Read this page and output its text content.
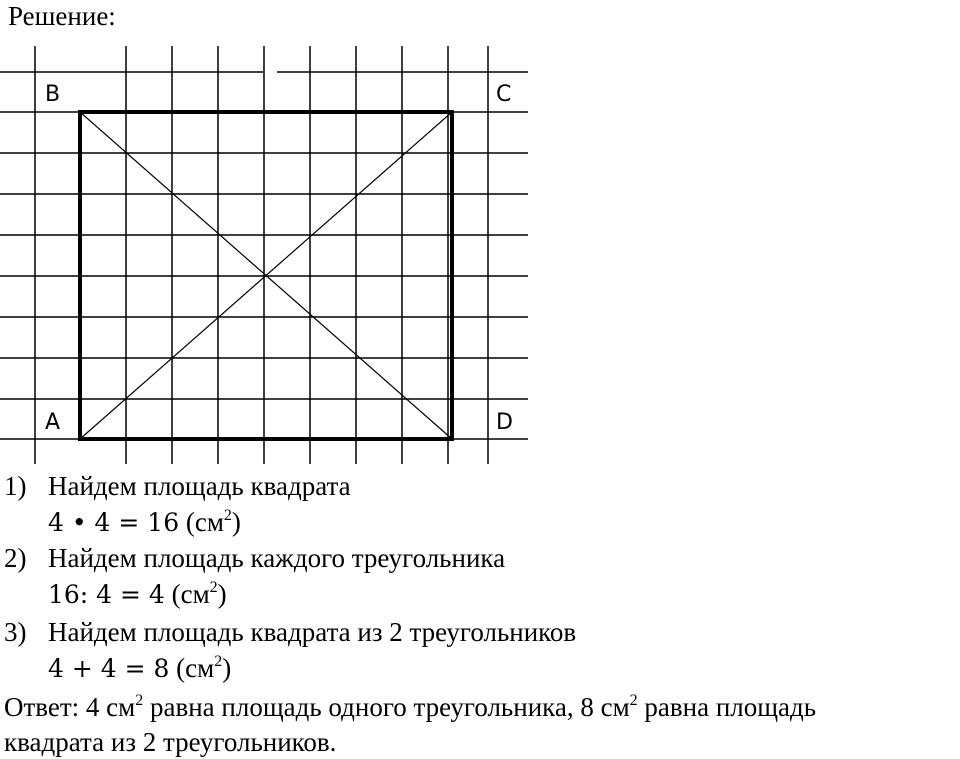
Решение:
B	C
A	D
1) Найдем площадь квадрата
4 • 4 = 16 $(см^2)$
2) Найдем площадь каждого треугольника
16: 4 = 4 $(см^2)$
3) Найдем площадь квадрата из 2 треугольников
4 + 4 = 8 $(см^2)$
Ответ: 4 $см^2$ равна площадь одного треугольника, 8 $см^2$ равна площадь
квадрата из 2 треугольников.
